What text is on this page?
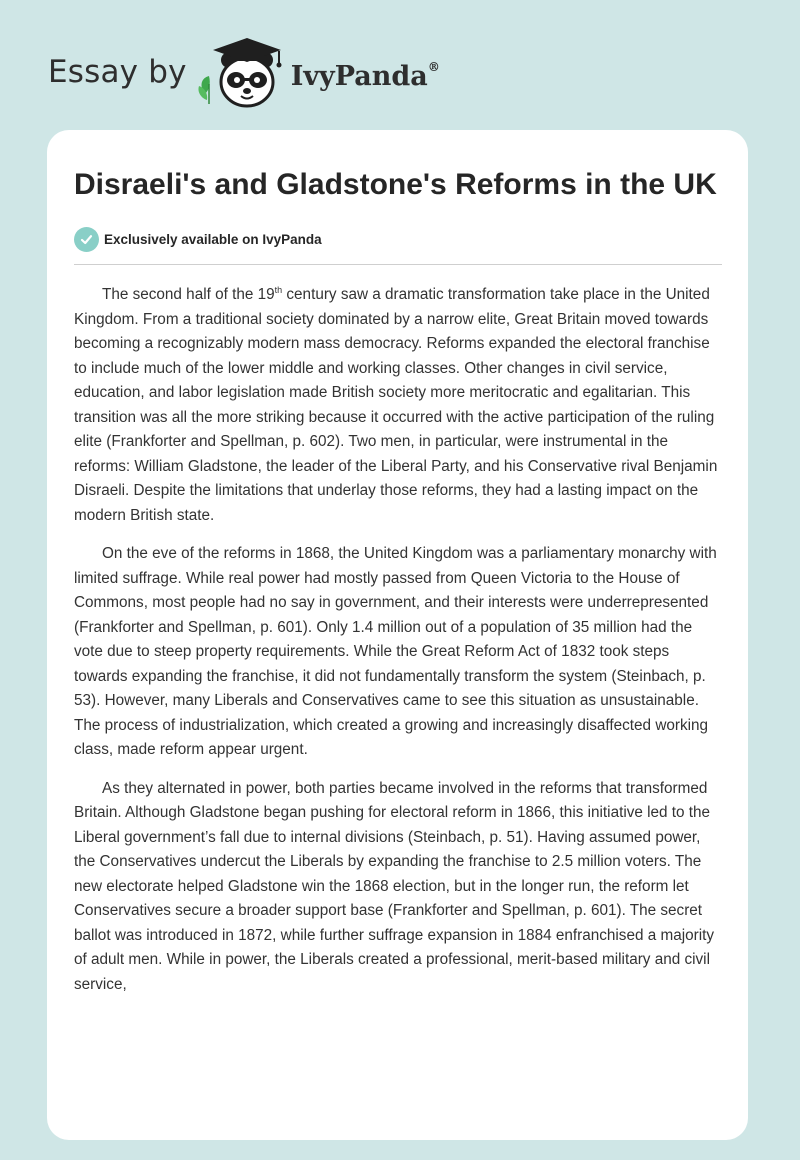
Essay by	IvyPanda®
Disraeli's and Gladstone's Reforms in the UK
Exclusively available on IvyPanda

The second half of the 19th century saw a dramatic transformation take place in the United Kingdom. From a traditional society dominated by a narrow elite, Great Britain moved towards becoming a recognizably modern mass democracy. Reforms expanded the electoral franchise to include much of the lower middle and working classes. Other changes in civil service, education, and labor legislation made British society more meritocratic and egalitarian. This transition was all the more striking because it occurred with the active participation of the ruling elite (Frankforter and Spellman, p. 602). Two men, in particular, were instrumental in the reforms: William Gladstone, the leader of the Liberal Party, and his Conservative rival Benjamin Disraeli. Despite the limitations that underlay those reforms, they had a lasting impact on the modern British state.

On the eve of the reforms in 1868, the United Kingdom was a parliamentary monarchy with limited suffrage. While real power had mostly passed from Queen Victoria to the House of Commons, most people had no say in government, and their interests were underrepresented (Frankforter and Spellman, p. 601). Only 1.4 million out of a population of 35 million had the vote due to steep property requirements. While the Great Reform Act of 1832 took steps towards expanding the franchise, it did not fundamentally transform the system (Steinbach, p. 53). However, many Liberals and Conservatives came to see this situation as unsustainable. The process of industrialization, which created a growing and increasingly disaffected working class, made reform appear urgent.

As they alternated in power, both parties became involved in the reforms that transformed Britain. Although Gladstone began pushing for electoral reform in 1866, this initiative led to the Liberal government’s fall due to internal divisions (Steinbach, p. 51). Having assumed power, the Conservatives undercut the Liberals by expanding the franchise to 2.5 million voters. The new electorate helped Gladstone win the 1868 election, but in the longer run, the reform let Conservatives secure a broader support base (Frankforter and Spellman, p. 601). The secret ballot was introduced in 1872, while further suffrage expansion in 1884 enfranchised a majority of adult men. While in power, the Liberals created a professional, merit-based military and civil service,
